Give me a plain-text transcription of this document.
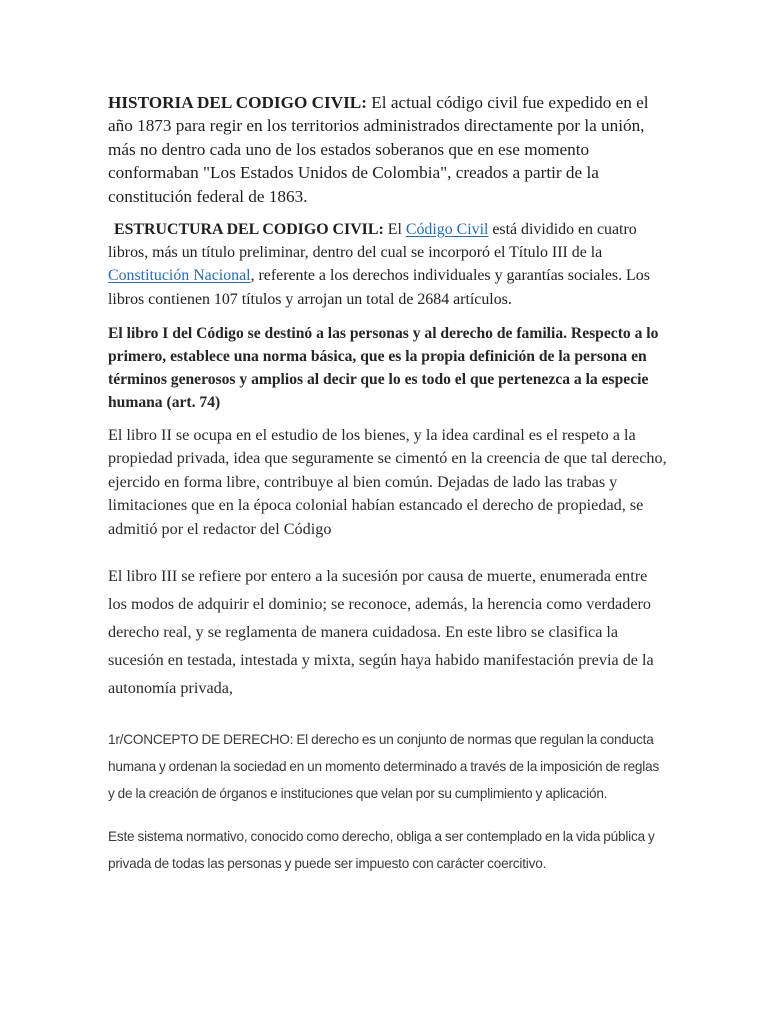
HISTORIA DEL CODIGO CIVIL: El actual código civil fue expedido en el año 1873 para regir en los territorios administrados directamente por la unión, más no dentro cada uno de los estados soberanos que en ese momento conformaban "Los Estados Unidos de Colombia", creados a partir de la constitución federal de 1863.

ESTRUCTURA DEL CODIGO CIVIL: El Código Civil está dividido en cuatro libros, más un título preliminar, dentro del cual se incorporó el Título III de la Constitución Nacional, referente a los derechos individuales y garantías sociales. Los libros contienen 107 títulos y arrojan un total de 2684 artículos.

El libro I del Código se destinó a las personas y al derecho de familia. Respecto a lo primero, establece una norma básica, que es la propia definición de la persona en términos generosos y amplios al decir que lo es todo el que pertenezca a la especie humana (art. 74)

El libro II se ocupa en el estudio de los bienes, y la idea cardinal es el respeto a la propiedad privada, idea que seguramente se cimentó en la creencia de que tal derecho, ejercido en forma libre, contribuye al bien común. Dejadas de lado las trabas y limitaciones que en la época colonial habían estancado el derecho de propiedad, se admitió por el redactor del Código

El libro III se refiere por entero a la sucesión por causa de muerte, enumerada entre los modos de adquirir el dominio; se reconoce, además, la herencia como verdadero derecho real, y se reglamenta de manera cuidadosa. En este libro se clasifica la sucesión en testada, intestada y mixta, según haya habido manifestación previa de la autonomía privada,

1r/CONCEPTO DE DERECHO: El derecho es un conjunto de normas que regulan la conducta humana y ordenan la sociedad en un momento determinado a través de la imposición de reglas y de la creación de órganos e instituciones que velan por su cumplimiento y aplicación.

Este sistema normativo, conocido como derecho, obliga a ser contemplado en la vida pública y privada de todas las personas y puede ser impuesto con carácter coercitivo.
